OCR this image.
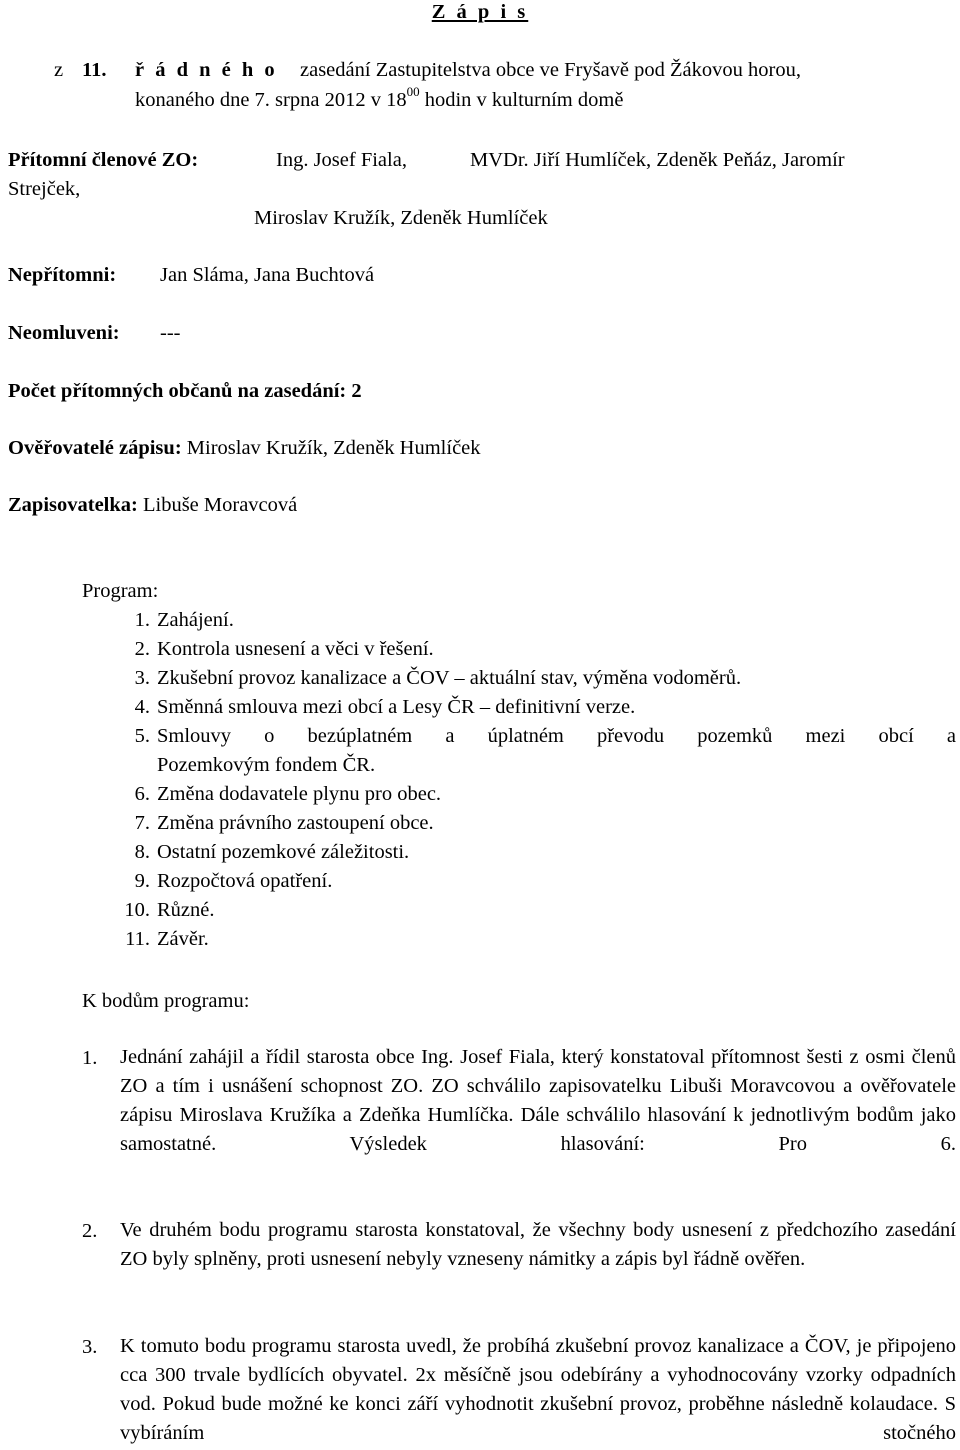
Z á p i s
z 11. ř á d n é h o zasedání Zastupitelstva obce ve Fryšavě pod Žákovou horou,
konaného dne 7. srpna 2012 v $18^{00}$ hodin v kulturním domě
Přítomní členové ZO:	Ing. Josef Fiala,	MVDr. Jiří Humlíček, Zdeněk Peňáz, Jaromír
Strejček,
Miroslav Kružík, Zdeněk Humlíček
Nepřítomni: Jan Sláma, Jana Buchtová
Neomluveni: ---
Počet přítomných občanů na zasedání: 2
Ověřovatelé zápisu: Miroslav Kružík, Zdeněk Humlíček
Zapisovatelka: Libuše Moravcová
Program:
1. Zahájení.
2. Kontrola usnesení a věci v řešení.
3. Zkušební provoz kanalizace a ČOV – aktuální stav, výměna vodoměrů.
4. Směnná smlouva mezi obcí a Lesy ČR – definitivní verze.
5. Smlouvy o bezúplatném a úplatném převodu pozemků mezi obcí a
Pozemkovým fondem ČR.
6. Změna dodavatele plynu pro obec.
7. Změna právního zastoupení obce.
8. Ostatní pozemkové záležitosti.
9. Rozpočtová opatření.
10. Různé.
11. Závěr.
K bodům programu:
1. Jednání zahájil a řídil starosta obce Ing. Josef Fiala, který konstatoval přítomnost šesti z osmi členů ZO a tím i usnášení schopnost ZO. ZO schválilo zapisovatelku Libuši Moravcovou a ověřovatele zápisu Miroslava Kružíka a Zdeňka Humlíčka. Dále schválilo hlasování k jednotlivým bodům jako samostatné. Výsledek hlasování: Pro 6.
2. Ve druhém bodu programu starosta konstatoval, že všechny body usnesení z předchozího zasedání ZO byly splněny, proti usnesení nebyly vzneseny námitky a zápis byl řádně ověřen.
3. K tomuto bodu programu starosta uvedl, že probíhá zkušební provoz kanalizace a ČOV, je připojeno cca 300 trvale bydlících obyvatel. 2x měsíčně jsou odebírány a vyhodnocovány vzorky odpadních vod. Pokud bude možné ke konci září vyhodnotit zkušební provoz, proběhne následně kolaudace. S vybíráním stočného
